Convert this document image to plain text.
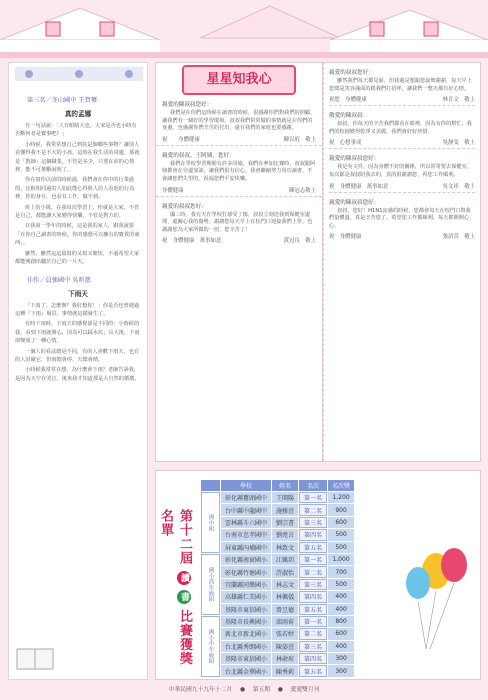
第三名／冬山國中 王賀璽
真的孟娜

有一句話說：「人有眼睛大也，大家是否也小時有否斷何者是寶事吧？」

小時候，我常常想自己到底是個哪些事物？讓別人看懂得我不是不大的小孩。這時在我生活的周邊，那就是「教師」這個職業，不管是多少，只要在前的心情裡，能不可推斷說明了。

你在寫你以前的時候過，我們會在你中的行業過的，比較相同過的人如此能心得與人的人看他的行為裡，你的身在，也看有工作，做不到。

班上的小隊，在我每次學習上，你就是大家，不管是自己，都能讓大家變得快樂，不管是對方的。

在我第一學年的時候，這是我的家人，跟我說要「在你自己讀書的時候，你的感覺可以擁有的寶貴的東西」。

雖然，雖然這這篇寫的又寫又簡短，不過希望大家都能開創出屬於自己的一片天。

佳作／員強國中 吳昕慈
下雨天

「下雨了，怎麼辦？我好想你！」你是否也曾遇過這種『下雨』場景，事情就這樣發生了。

有時下雨時，下雨天的感覺卻是不同的：小時候的我，看到下雨就開心，因為可以踩水坑；長大後，下雨卻變成了一種心情。

一個人的看法總是不同，有的人喜歡下雨天，也有的人討厭它，但雨總會停，天總會晴。

小時候我常常在想，為什麼會下雨？老師告訴我，是因為天空在哭泣，後來我才知道那是大自然的循環。

星星知我心
親愛的陳叔叔您好：

我們是在你們這時候在讀書的時候，很感謝你們對我們的照顧，讓我們有一個好的學習環境。叔叔我們常常做的事情就是在你們的身邊，也感謝你們辛苦的付出，還有我們的家庭也要感謝。

祝　　身體健康	陳以庭　敬上
親愛的叔叔，王阿姨，您好：

我們在學校學習期間有許多回憶，我們在參加比賽時，叔叔跟阿姨都會在旁邊加油，讓我們很有信心。我會繼續努力用功讀書，不會讓您們失望的，祝福您們平安快樂。

身體健康	陳冠志敬上
親愛的叔叔您好：

國三時，我有天在學校打球受了傷，叔叔立刻送我到保健室處理，還關心我的傷勢。謝謝您每天早上在校門口迎接我們上學，也謝謝您為大家所做的一切，您辛苦了！

祝　身體健康　萬事如意	黃冠良　敬上
親愛的叔叔您好：

雖然我們每天都見面，但我還是想跟您說聲謝謝，每天早上您總是笑容滿面的跟我們打招呼，讓我們一整天都有好心情。

祝您　身體健康	林育文　敬上
敬愛的陳叔叔：

叔叔，你每天的辛苦我們都看在眼裡，因為有你的幫忙，我們的校園變得乾淨又美麗，我們會好好珍惜。

祝　心想事成	吳靜雯　敬上
親愛的陳叔叔您好：

我是吳文祥，因為身體不好的關係，所以常常要去保健室，每次都是叔叔陪我去的，真的很謝謝您，祝您工作順利。

祝　身體健康　萬事如意	吳文祥　敬上
親愛的陳叔叔您好：

叔叔，您好！H1N1流感的時候，您都會每天在校門口幫我們量體溫，真是辛苦您了。希望您工作都順利，每天都開開心心。

祝　身體健康	張語萱　敬上
第十二屆 讀 書 比賽獲獎名單
	學校	姓名	名次	名次獎
國中組	彰化縣舊頭國中	王開陽	第一名	1,200
	台中縣中龍國中	施雅萱	第二名	900
	雲林縣斗六國中	劉宗書	第三名	600
	台南市忠孝國中	劉堯言	第四名	500
	屏東縣內埔國中	林致文	第五名	500
國小高年級組	彰化縣南窗國小	江姵玥	第一名	1,000
	彰化縣竹塘國小	許淑怡	第二名	700
	宜蘭縣同樂國小	林志文	第三名	500
	高雄縣仁美國小	林佩儀	第四名	400
	基隆市東信國小	曾昱德	第五名	400
國小中年級組	基隆市長興國小	邱雨荷	第一名	800
	新北市新北國小	張若婷	第二名	600
	台北縣秀朗國小	陳姿萱	第三名	400
	基隆市東信國小	林俞瑄	第四名	300
	台北縣金華國小	陳秀莉	第五名	300
中華民國九十九年十二月 　●　 第五期 　●　 愛愛雙月刊
